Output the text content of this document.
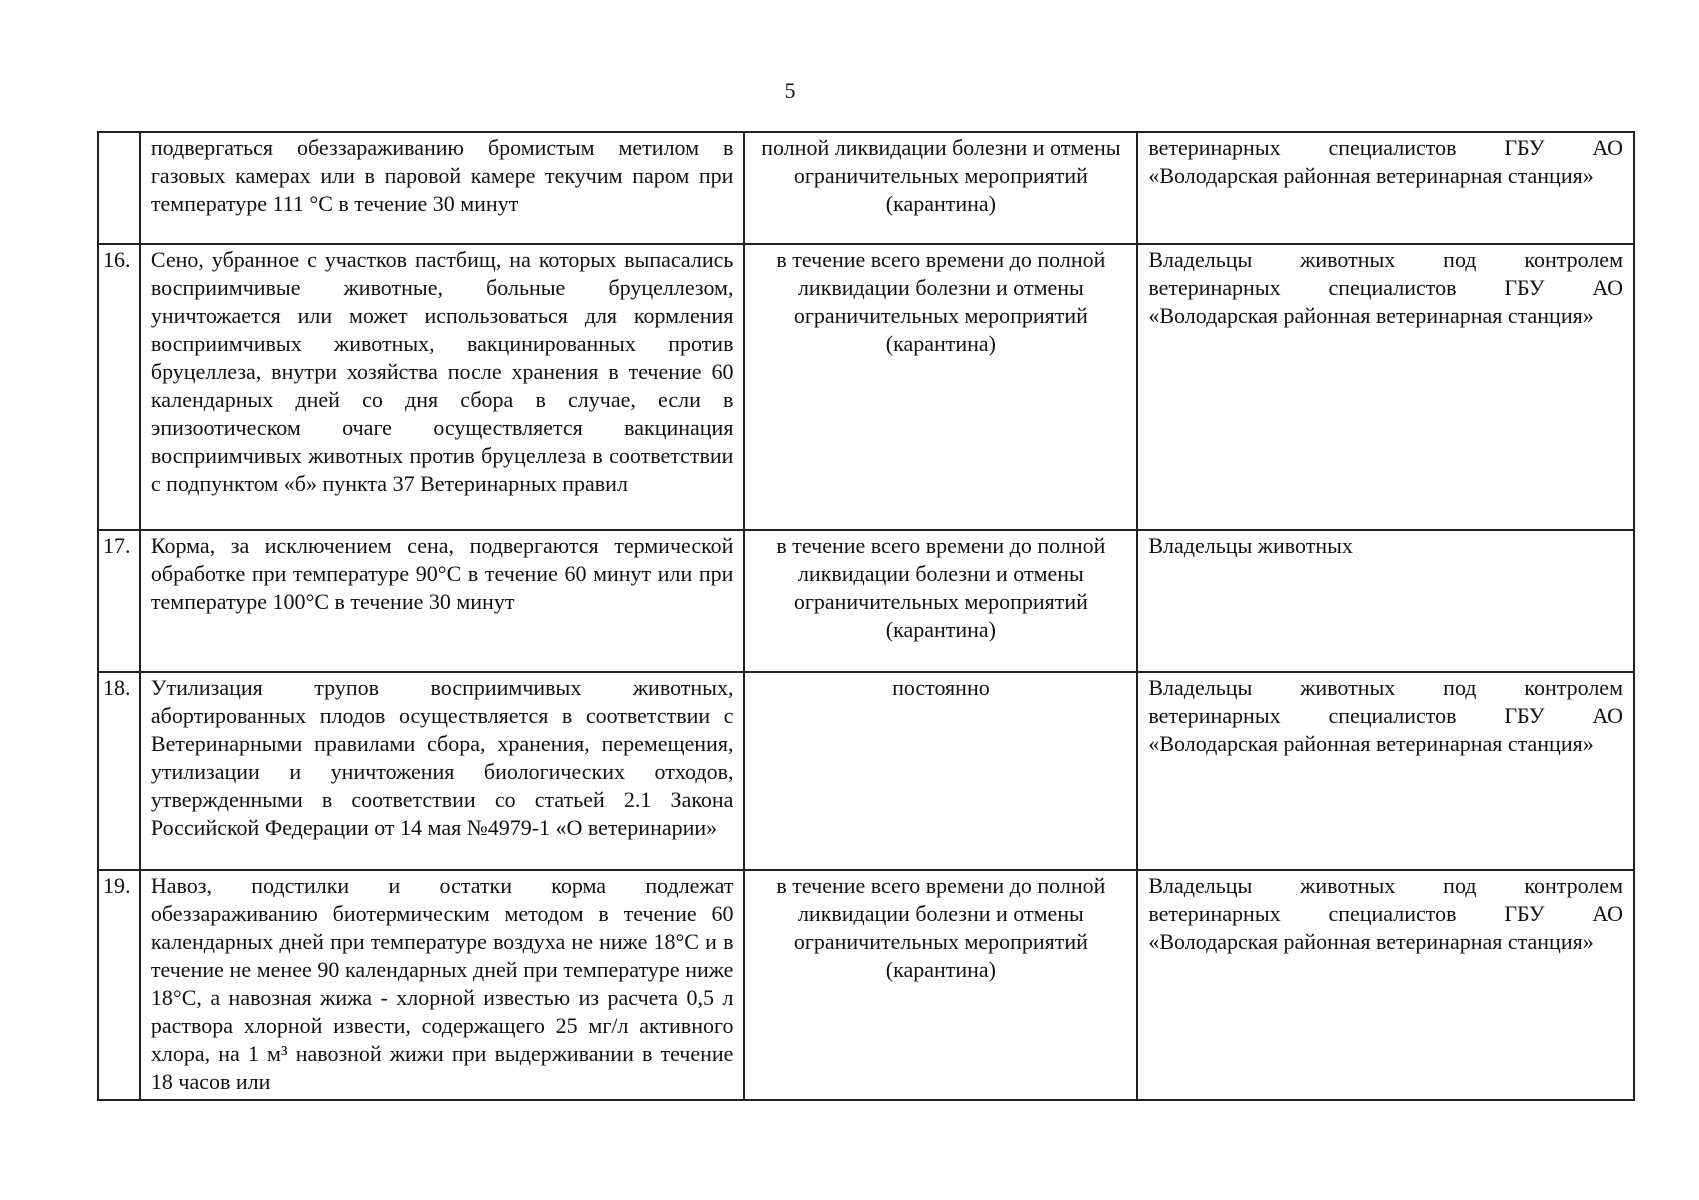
5
	подвергаться обеззараживанию бромистым метилом в газовых камерах или в паровой камере текучим паром при температуре 111 °С в течение 30 минут	полной ликвидации болезни и отмены ограничительных мероприятий (карантина)	ветеринарных специалистов ГБУ АО «Володарская районная ветеринарная станция»
16.	Сено, убранное с участков пастбищ, на которых выпасались восприимчивые животные, больные бруцеллезом, уничтожается или может использоваться для кормления восприимчивых животных, вакцинированных против бруцеллеза, внутри хозяйства после хранения в течение 60 календарных дней со дня сбора в случае, если в эпизоотическом очаге осуществляется вакцинация восприимчивых животных против бруцеллеза в соответствии с подпунктом «б» пункта 37 Ветеринарных правил	в течение всего времени до полной ликвидации болезни и отмены ограничительных мероприятий (карантина)	Владельцы животных под контролем ветеринарных специалистов ГБУ АО «Володарская районная ветеринарная станция»
17.	Корма, за исключением сена, подвергаются термической обработке при температуре 90°С в течение 60 минут или при температуре 100°С в течение 30 минут	в течение всего времени до полной ликвидации болезни и отмены ограничительных мероприятий (карантина)	Владельцы животных
18.	Утилизация трупов восприимчивых животных, абортированных плодов осуществляется в соответствии с Ветеринарными правилами сбора, хранения, перемещения, утилизации и уничтожения биологических отходов, утвержденными в соответствии со статьей 2.1 Закона Российской Федерации от 14 мая №4979-1 «О ветеринарии»	постоянно	Владельцы животных под контролем ветеринарных специалистов ГБУ АО «Володарская районная ветеринарная станция»
19.	Навоз, подстилки и остатки корма подлежат обеззараживанию биотермическим методом в течение 60 календарных дней при температуре воздуха не ниже 18°С и в течение не менее 90 календарных дней при температуре ниже 18°С, а навозная жижа - хлорной известью из расчета 0,5 л раствора хлорной извести, содержащего 25 мг/л активного хлора, на 1 м³ навозной жижи при выдерживании в течение 18 часов или	в течение всего времени до полной ликвидации болезни и отмены ограничительных мероприятий (карантина)	Владельцы животных под контролем ветеринарных специалистов ГБУ АО «Володарская районная ветеринарная станция»
